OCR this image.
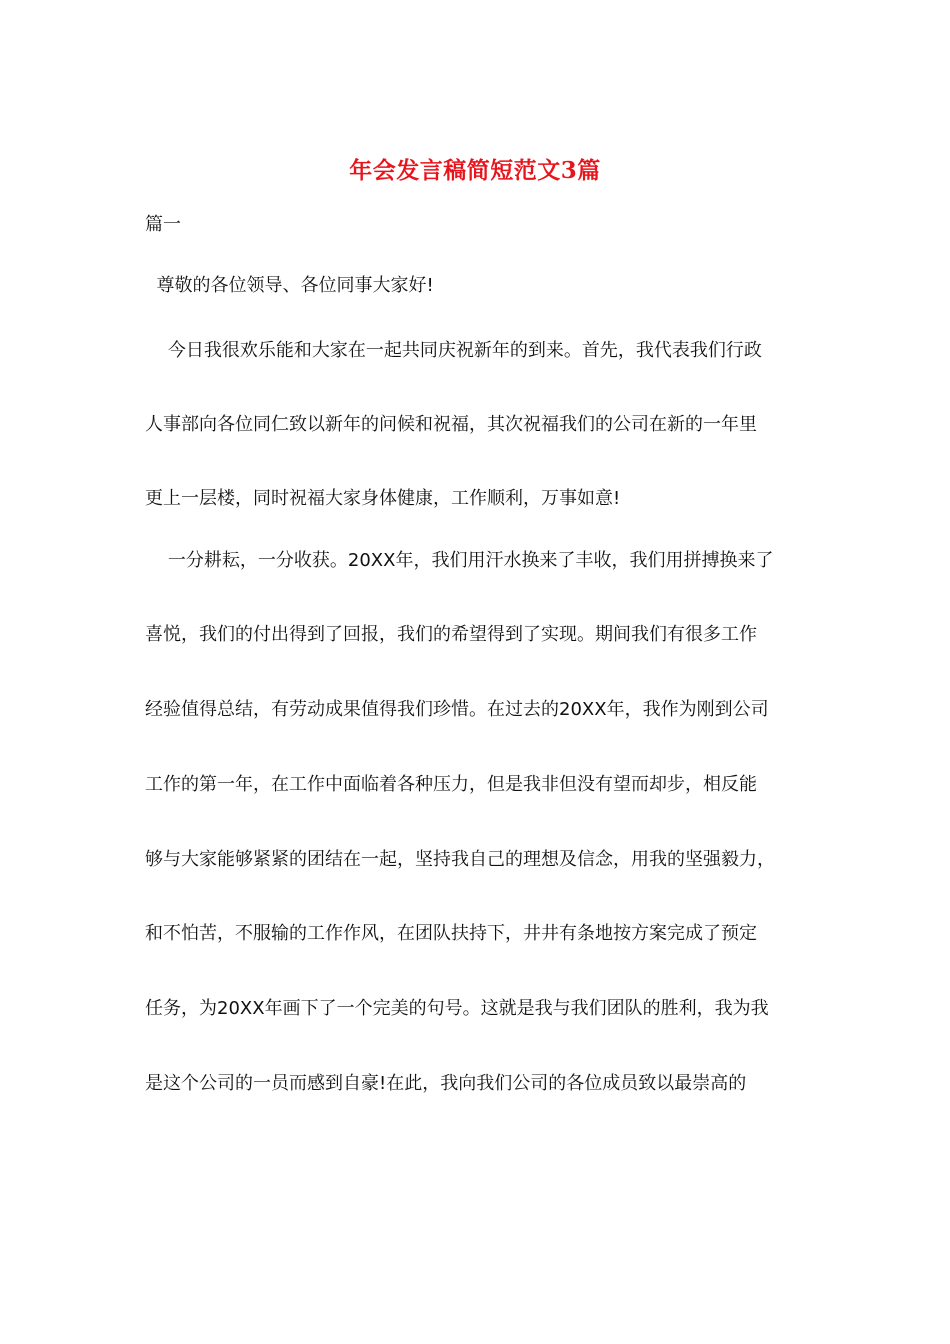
年会发言稿简短范文3篇
篇一
尊敬的各位领导、各位同事大家好!
今日我很欢乐能和大家在一起共同庆祝新年的到来。首先，我代表我们行政
人事部向各位同仁致以新年的问候和祝福，其次祝福我们的公司在新的一年里
更上一层楼，同时祝福大家身体健康，工作顺利，万事如意!
一分耕耘，一分收获。20XX年，我们用汗水换来了丰收，我们用拼搏换来了
喜悦，我们的付出得到了回报，我们的希望得到了实现。期间我们有很多工作
经验值得总结，有劳动成果值得我们珍惜。在过去的20XX年，我作为刚到公司
工作的第一年，在工作中面临着各种压力，但是我非但没有望而却步，相反能
够与大家能够紧紧的团结在一起，坚持我自己的理想及信念，用我的坚强毅力，
和不怕苦，不服输的工作作风，在团队扶持下，井井有条地按方案完成了预定
任务，为20XX年画下了一个完美的句号。这就是我与我们团队的胜利，我为我
是这个公司的一员而感到自豪!在此，我向我们公司的各位成员致以最崇高的
